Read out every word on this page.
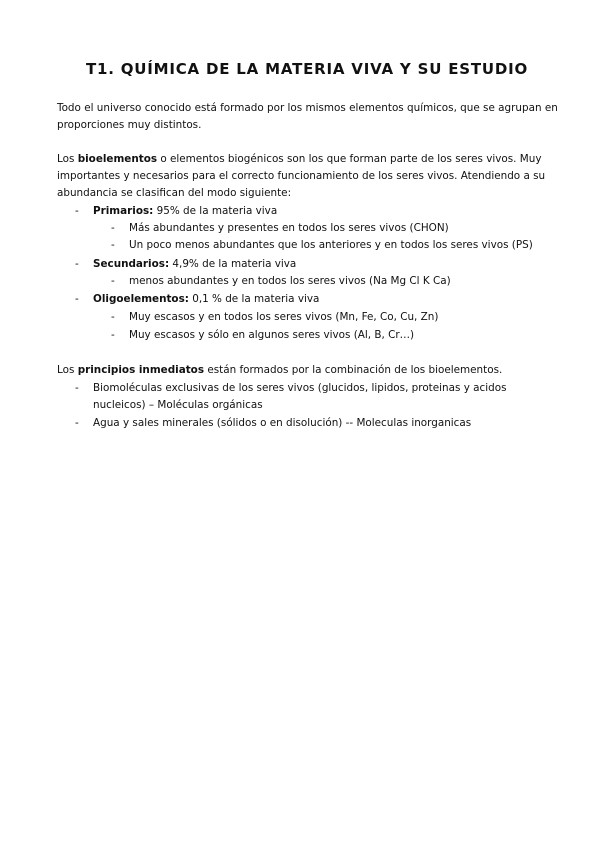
T1. QUÍMICA DE LA MATERIA VIVA Y SU ESTUDIO
Todo el universo conocido está formado por los mismos elementos químicos, que se agrupan en
proporciones muy distintos.
Los bioelementos o elementos biogénicos son los que forman parte de los seres vivos. Muy
importantes y necesarios para el correcto funcionamiento de los seres vivos. Atendiendo a su
abundancia se clasifican del modo siguiente:
- Primarios: 95% de la materia viva
- Más abundantes y presentes en todos los seres vivos (CHON)
- Un poco menos abundantes que los anteriores y en todos los seres vivos (PS)
- Secundarios: 4,9% de la materia viva
- menos abundantes y en todos los seres vivos (Na Mg Cl K Ca)
- Oligoelementos: 0,1 % de la materia viva
- Muy escasos y en todos los seres vivos (Mn, Fe, Co, Cu, Zn)
- Muy escasos y sólo en algunos seres vivos (Al, B, Cr…)
Los principios inmediatos están formados por la combinación de los bioelementos.
- Biomoléculas exclusivas de los seres vivos (glucidos, lipidos, proteinas y acidos
nucleicos) – Moléculas orgánicas
- Agua y sales minerales (sólidos o en disolución) -- Moleculas inorganicas
